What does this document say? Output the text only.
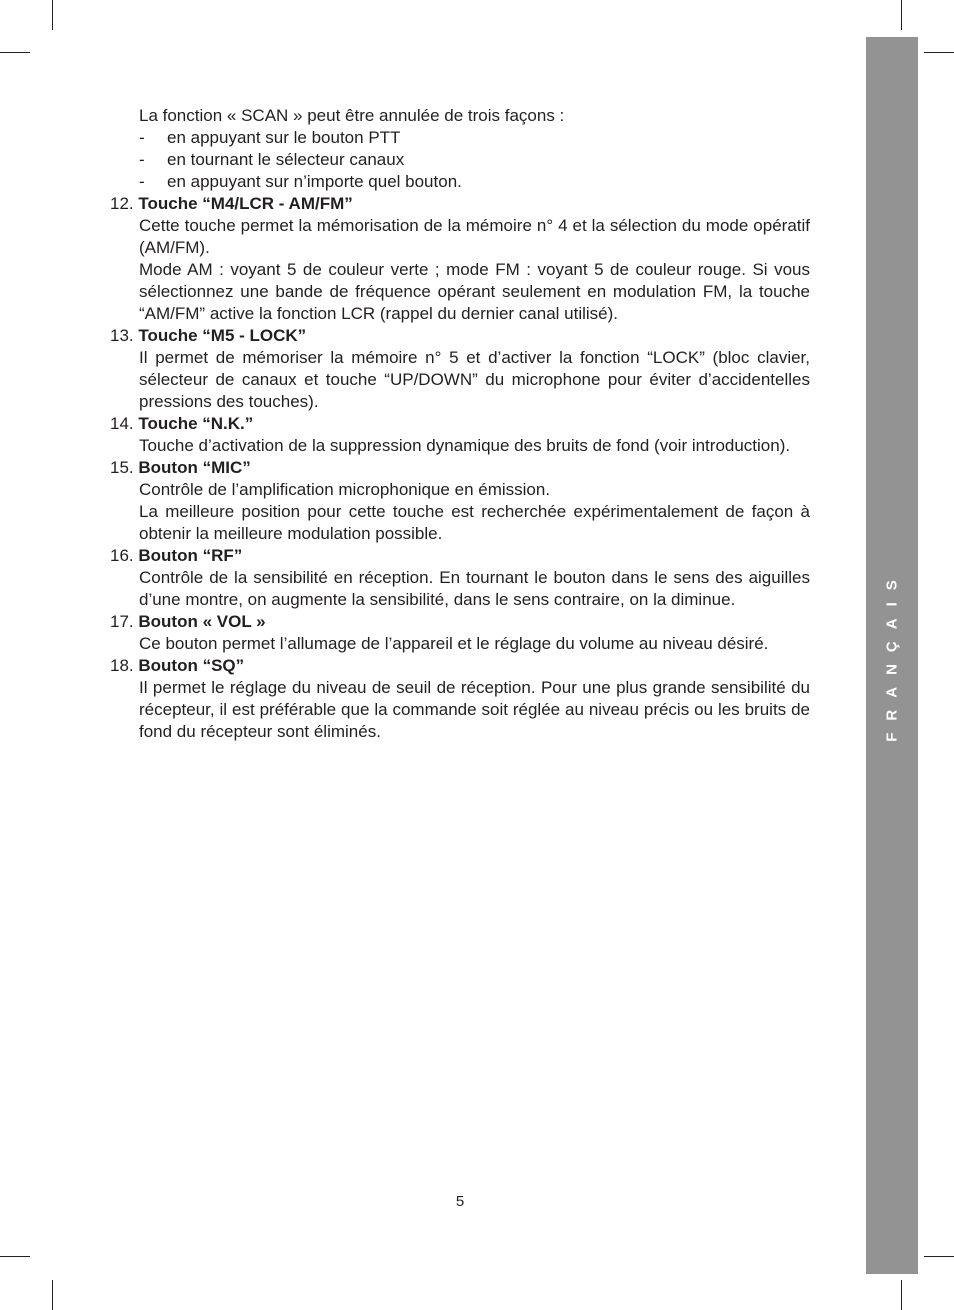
FRANÇAIS
La fonction « SCAN » peut être annulée de trois façons :
- en appuyant sur le bouton PTT
- en tournant le sélecteur canaux
- en appuyant sur n’importe quel bouton.
12. Touche “M4/LCR - AM/FM”

Cette touche permet la mémorisation de la mémoire n° 4 et la sélection du mode opératif (AM/FM).

Mode AM : voyant 5 de couleur verte ; mode FM : voyant 5 de couleur rouge. Si vous sélectionnez une bande de fréquence opérant seulement en modulation FM, la touche “AM/FM” active la fonction LCR (rappel du dernier canal utilisé).

13. Touche “M5 - LOCK”

Il permet de mémoriser la mémoire n° 5 et d’activer la fonction “LOCK” (bloc clavier, sélecteur de canaux et touche “UP/DOWN” du microphone pour éviter d’accidentelles pressions des touches).

14. Touche “N.K.”

Touche d’activation de la suppression dynamique des bruits de fond (voir introduction).

15. Bouton “MIC”

Contrôle de l’amplification microphonique en émission.

La meilleure position pour cette touche est recherchée expérimentalement de façon à obtenir la meilleure modulation possible.

16. Bouton “RF”

Contrôle de la sensibilité en réception. En tournant le bouton dans le sens des aiguilles d’une montre, on augmente la sensibilité, dans le sens contraire, on la diminue.

17. Bouton « VOL »

Ce bouton permet l’allumage de l’appareil et le réglage du volume au niveau désiré.

18. Bouton “SQ”

Il permet le réglage du niveau de seuil de réception. Pour une plus grande sensibilité du récepteur, il est préférable que la commande soit réglée au niveau précis ou les bruits de fond du récepteur sont éliminés.

5
